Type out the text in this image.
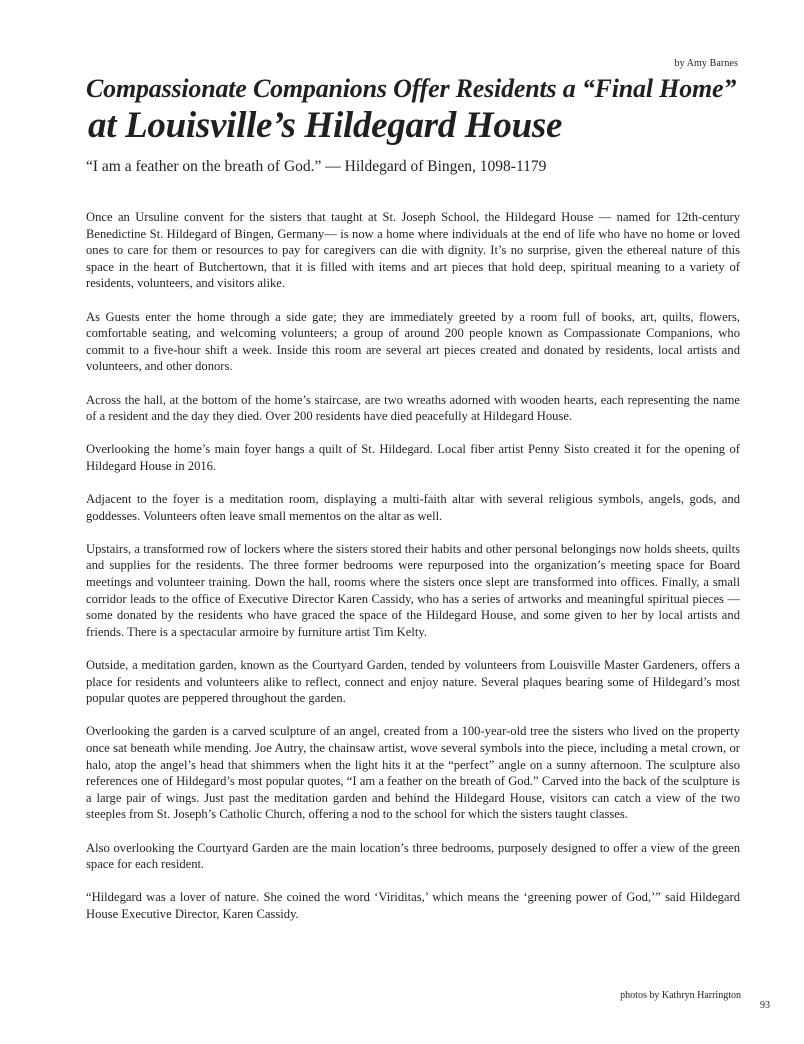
by Amy Barnes
Compassionate Companions Offer Residents a “Final Home”
at Louisville’s Hildegard House
“I am a feather on the breath of God.” — Hildegard of Bingen, 1098-1179

Once an Ursuline convent for the sisters that taught at St. Joseph School, the Hildegard House — named for 12th-century Benedictine St. Hildegard of Bingen, Germany— is now a home where individuals at the end of life who have no home or loved ones to care for them or resources to pay for caregivers can die with dignity. It’s no surprise, given the ethereal nature of this space in the heart of Butchertown, that it is filled with items and art pieces that hold deep, spiritual meaning to a variety of residents, volunteers, and visitors alike.

As Guests enter the home through a side gate; they are immediately greeted by a room full of books, art, quilts, flowers, comfortable seating, and welcoming volunteers; a group of around 200 people known as Compassionate Companions, who commit to a five-hour shift a week. Inside this room are several art pieces created and donated by residents, local artists and volunteers, and other donors.

Across the hall, at the bottom of the home’s staircase, are two wreaths adorned with wooden hearts, each representing the name of a resident and the day they died. Over 200 residents have died peacefully at Hildegard House.

Overlooking the home’s main foyer hangs a quilt of St. Hildegard. Local fiber artist Penny Sisto created it for the opening of Hildegard House in 2016.

Adjacent to the foyer is a meditation room, displaying a multi-faith altar with several religious symbols, angels, gods, and goddesses. Volunteers often leave small mementos on the altar as well.

Upstairs, a transformed row of lockers where the sisters stored their habits and other personal belongings now holds sheets, quilts and supplies for the residents. The three former bedrooms were repurposed into the organization’s meeting space for Board meetings and volunteer training. Down the hall, rooms where the sisters once slept are transformed into offices. Finally, a small corridor leads to the office of Executive Director Karen Cassidy, who has a series of artworks and meaningful spiritual pieces — some donated by the residents who have graced the space of the Hildegard House, and some given to her by local artists and friends. There is a spectacular armoire by furniture artist Tim Kelty.

Outside, a meditation garden, known as the Courtyard Garden, tended by volunteers from Louisville Master Gardeners, offers a place for residents and volunteers alike to reflect, connect and enjoy nature. Several plaques bearing some of Hildegard’s most popular quotes are peppered throughout the garden.

Overlooking the garden is a carved sculpture of an angel, created from a 100-year-old tree the sisters who lived on the property once sat beneath while mending. Joe Autry, the chainsaw artist, wove several symbols into the piece, including a metal crown, or halo, atop the angel’s head that shimmers when the light hits it at the “perfect” angle on a sunny afternoon. The sculpture also references one of Hildegard’s most popular quotes, “I am a feather on the breath of God.” Carved into the back of the sculpture is a large pair of wings. Just past the meditation garden and behind the Hildegard House, visitors can catch a view of the two steeples from St. Joseph’s Catholic Church, offering a nod to the school for which the sisters taught classes.

Also overlooking the Courtyard Garden are the main location’s three bedrooms, purposely designed to offer a view of the green space for each resident.

“Hildegard was a lover of nature. She coined the word ‘Viriditas,’ which means the ‘greening power of God,’” said Hildegard House Executive Director, Karen Cassidy.

photos by Kathryn Harrington
93
